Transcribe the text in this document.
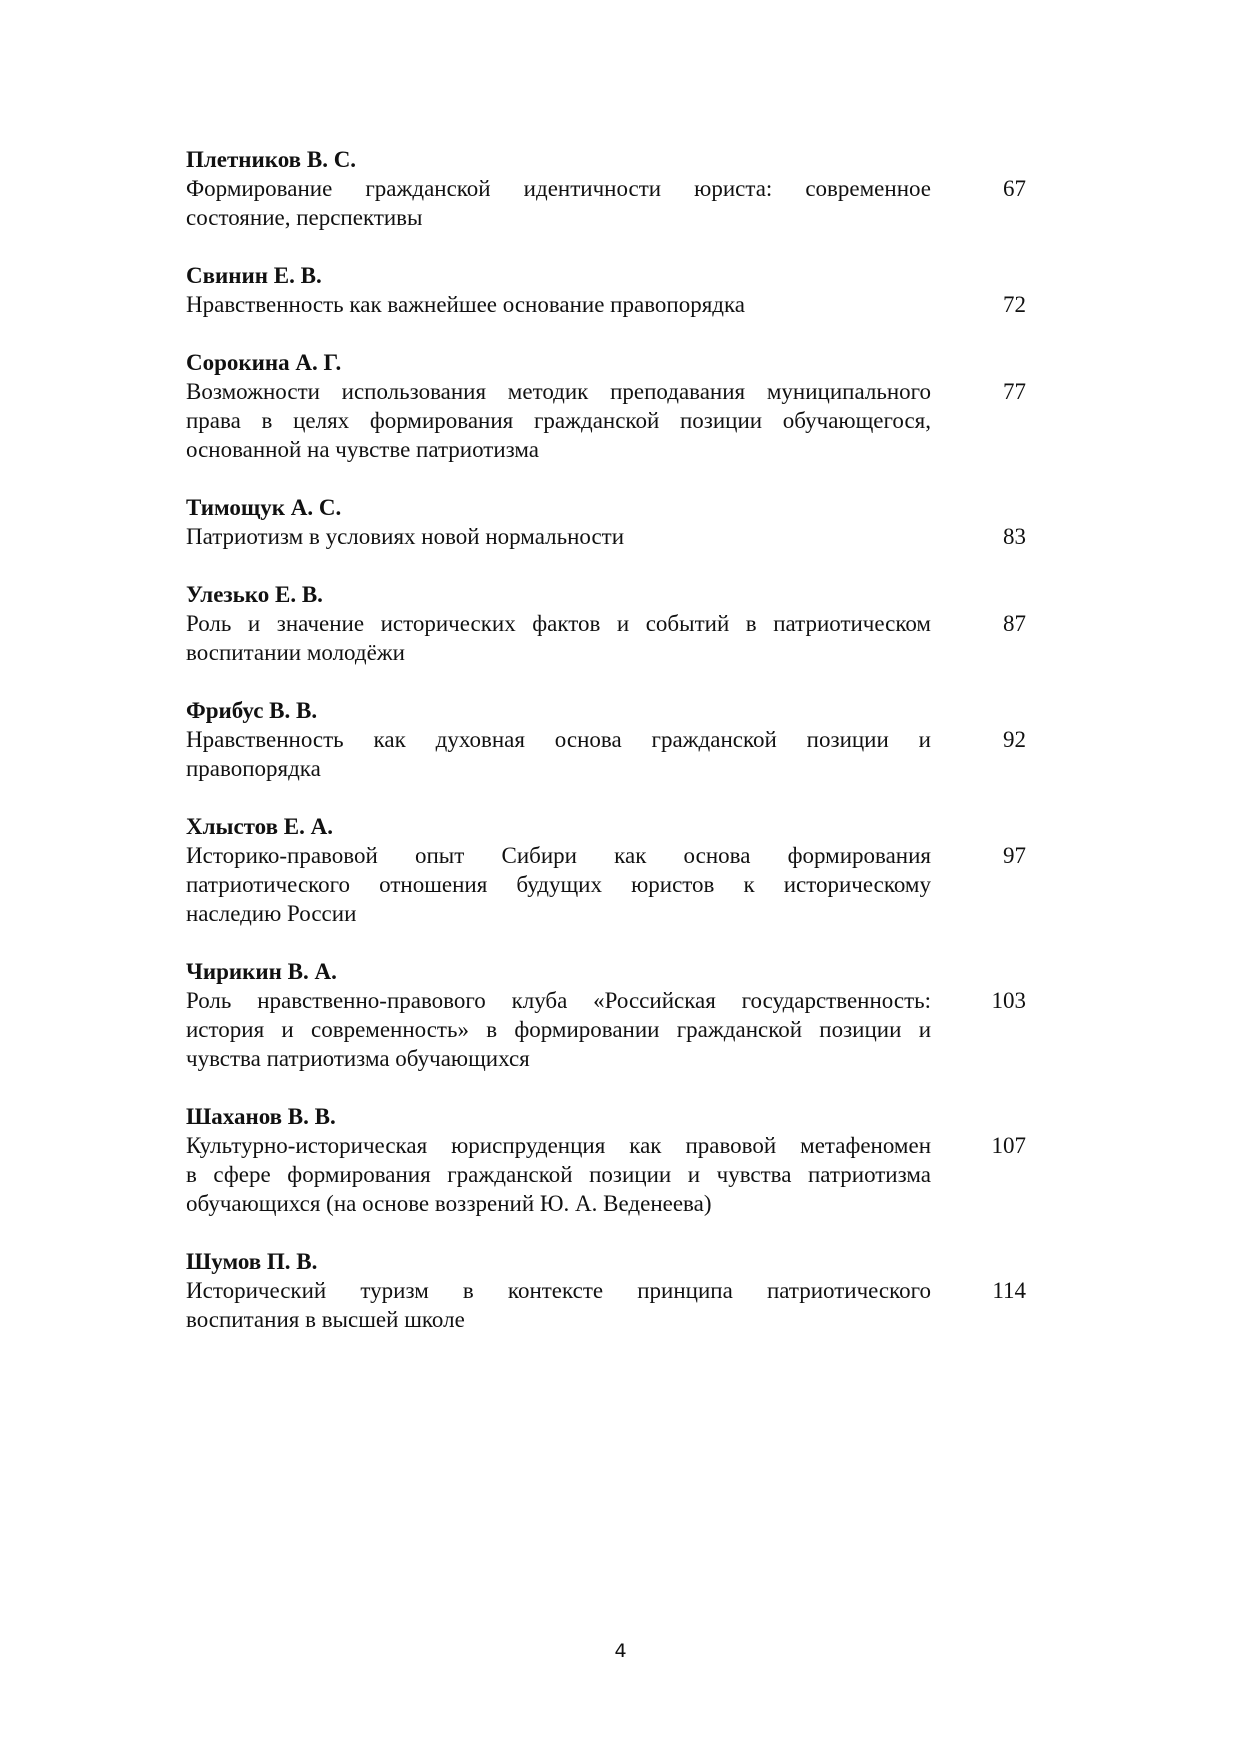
Плетников В. С.
Формирование гражданской идентичности юриста: современное
состояние, перспективы
67
Свинин Е. В.
Нравственность как важнейшее основание правопорядка	72
Сорокина А. Г.
Возможности использования методик преподавания муниципального
права в целях формирования гражданской позиции обучающегося,
основанной на чувстве патриотизма
77
Тимощук А. С.
Патриотизм в условиях новой нормальности	83
Улезько Е. В.
Роль и значение исторических фактов и событий в патриотическом
воспитании молодёжи
87
Фрибус В. В.
Нравственность как духовная основа гражданской позиции и
правопорядка
92
Хлыстов Е. А.
Историко-правовой опыт Сибири как основа формирования
патриотического отношения будущих юристов к историческому
наследию России
97
Чирикин В. А.
Роль нравственно-правового клуба «Российская государственность:
история и современность» в формировании гражданской позиции и
чувства патриотизма обучающихся
103
Шаханов В. В.
Культурно-историческая юриспруденция как правовой метафеномен
в сфере формирования гражданской позиции и чувства патриотизма
обучающихся (на основе воззрений Ю. А. Веденеева)
107
Шумов П. В.
Исторический туризм в контексте принципа патриотического
воспитания в высшей школе
114
4
